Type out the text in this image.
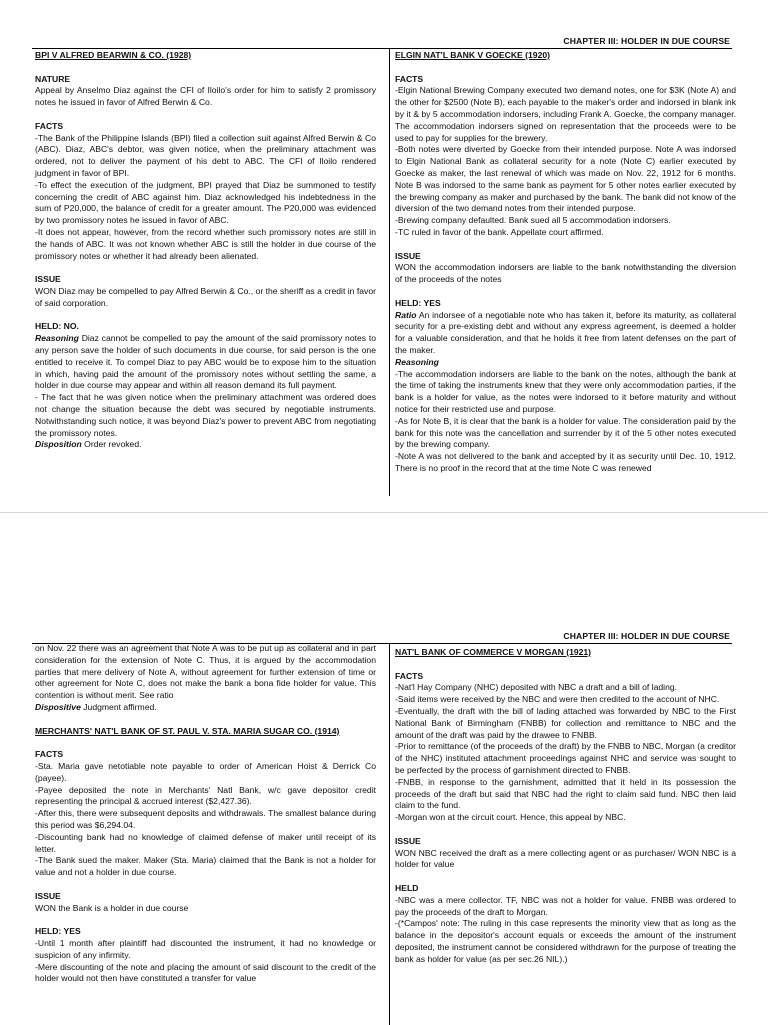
CHAPTER III: HOLDER IN DUE COURSE

BPI V ALFRED BEARWIN & CO. (1928)

NATURE

Appeal by Anselmo Diaz against the CFI of Iloilo's order for him to satisfy 2 promissory notes he issued in favor of Alfred Berwin & Co.

FACTS

-The Bank of the Philippine Islands (BPI) filed a collection suit against Alfred Berwin & Co (ABC). Diaz, ABC's debtor, was given notice, when the preliminary attachment was ordered, not to deliver the payment of his debt to ABC. The CFI of Iloilo rendered judgment in favor of BPI.

-To effect the execution of the judgment, BPI prayed that Diaz be summoned to testify concerning the credit of ABC against him. Diaz acknowledged his indebtedness in the sum of P20,000, the balance of credit for a greater amount. The P20,000 was evidenced by two promissory notes he issued in favor of ABC.

-It does not appear, however, from the record whether such promissory notes are still in the hands of ABC. It was not known whether ABC is still the holder in due course of the promissory notes or whether it had already been alienated.

ISSUE

WON Diaz may be compelled to pay Alfred Berwin & Co., or the sheriff as a credit in favor of said corporation.

HELD: NO.

Reasoning Diaz cannot be compelled to pay the amount of the said promissory notes to any person save the holder of such documents in due course, for said person is the one entitled to receive it. To compel Diaz to pay ABC would be to expose him to the situation in which, having paid the amount of the promissory notes without settling the same, a holder in due course may appear and within all reason demand its full payment.

- The fact that he was given notice when the preliminary attachment was ordered does not change the situation because the debt was secured by negotiable instruments. Notwithstanding such notice, it was beyond Diaz's power to prevent ABC from negotiating the promissory notes.

Disposition Order revoked.

ELGIN NAT'L BANK V GOECKE (1920)

FACTS

-Elgin National Brewing Company executed two demand notes, one for $3K (Note A) and the other for $2500 (Note B), each payable to the maker's order and indorsed in blank ink by it & by 5 accommodation indorsers, including Frank A. Goecke, the company manager. The accommodation indorsers signed on representation that the proceeds were to be used to pay for supplies for the brewery.

-Both notes were diverted by Goecke from their intended purpose. Note A was indorsed to Elgin National Bank as collateral security for a note (Note C) earlier executed by Goecke as maker, the last renewal of which was made on Nov. 22, 1912 for 6 months. Note B was indorsed to the same bank as payment for 5 other notes earlier executed by the brewing company as maker and purchased by the bank. The bank did not know of the diversion of the two demand notes from their intended purpose.

-Brewing company defaulted. Bank sued all 5 accommodation indorsers.

-TC ruled in favor of the bank. Appellate court affirmed.

ISSUE

WON the accommodation indorsers are liable to the bank notwithstanding the diversion of the proceeds of the notes

HELD: YES

Ratio An indorsee of a negotiable note who has taken it, before its maturity, as collateral security for a pre-existing debt and without any express agreement, is deemed a holder for a valuable consideration, and that he holds it free from latent defenses on the part of the maker.

Reasoning

-The accommodation indorsers are liable to the bank on the notes, although the bank at the time of taking the instruments knew that they were only accommodation parties, if the bank is a holder for value, as the notes were indorsed to it before maturity and without notice for their restricted use and purpose.

-As for Note B, it is clear that the bank is a holder for value. The consideration paid by the bank for this note was the cancellation and surrender by it of the 5 other notes executed by the brewing company.

-Note A was not delivered to the bank and accepted by it as security until Dec. 10, 1912. There is no proof in the record that at the time Note C was renewed

CHAPTER III: HOLDER IN DUE COURSE

on Nov. 22 there was an agreement that Note A was to be put up as collateral and in part consideration for the extension of Note C. Thus, it is argued by the accommodation parties that mere delivery of Note A, without agreement for further extension of time or other agreement for Note C, does not make the bank a bona fide holder for value. This contention is without merit. See ratio

Dispositive Judgment affirmed.

MERCHANTS' NAT'L BANK OF ST. PAUL V. STA. MARIA SUGAR CO. (1914)

FACTS

-Sta. Maria gave netotiable note payable to order of American Hoist & Derrick Co (payee).

-Payee deposited the note in Merchants' Natl Bank, w/c gave depositor credit representing the principal & accrued interest ($2,427.36).

-After this, there were subsequent deposits and withdrawals. The smallest balance during this period was $6,294.04.

-Discounting bank had no knowledge of claimed defense of maker until receipt of its letter.

-The Bank sued the maker. Maker (Sta. Maria) claimed that the Bank is not a holder for value and not a holder in due course.

ISSUE

WON the Bank is a holder in due course

HELD: YES

-Until 1 month after plaintiff had discounted the instrument, it had no knowledge or suspicion of any infirmity.

-Mere discounting of the note and placing the amount of said discount to the credit of the holder would not then have constituted a transfer for value

NAT'L BANK OF COMMERCE V MORGAN (1921)

FACTS

-Nat'l Hay Company (NHC) deposited with NBC a draft and a bill of lading.

-Said items were received by the NBC and were then credited to the account of NHC.

-Eventually, the draft with the bill of lading attached was forwarded by NBC to the First National Bank of Birmingham (FNBB) for collection and remittance to NBC and the amount of the draft was paid by the drawee to FNBB.

-Prior to remittance (of the proceeds of the draft) by the FNBB to NBC, Morgan (a creditor of the NHC) instituted attachment proceedings against NHC and service was sought to be perfected by the process of garnishment directed to FNBB.

-FNBB, in response to the garnishment, admitted that it held in its possession the proceeds of the draft but said that NBC had the right to claim said fund. NBC then laid claim to the fund.

-Morgan won at the circuit court. Hence, this appeal by NBC.

ISSUE

WON NBC received the draft as a mere collecting agent or as purchaser/ WON NBC is a holder for value

HELD

-NBC was a mere collector. TF, NBC was not a holder for value. FNBB was ordered to pay the proceeds of the draft to Morgan.

-(*Campos' note: The ruling in this case represents the minority view that as long as the balance in the depositor's account equals or exceeds the amount of the instrument deposited, the instrument cannot be considered withdrawn for the purpose of treating the bank as holder for value (as per sec.26 NIL).)
